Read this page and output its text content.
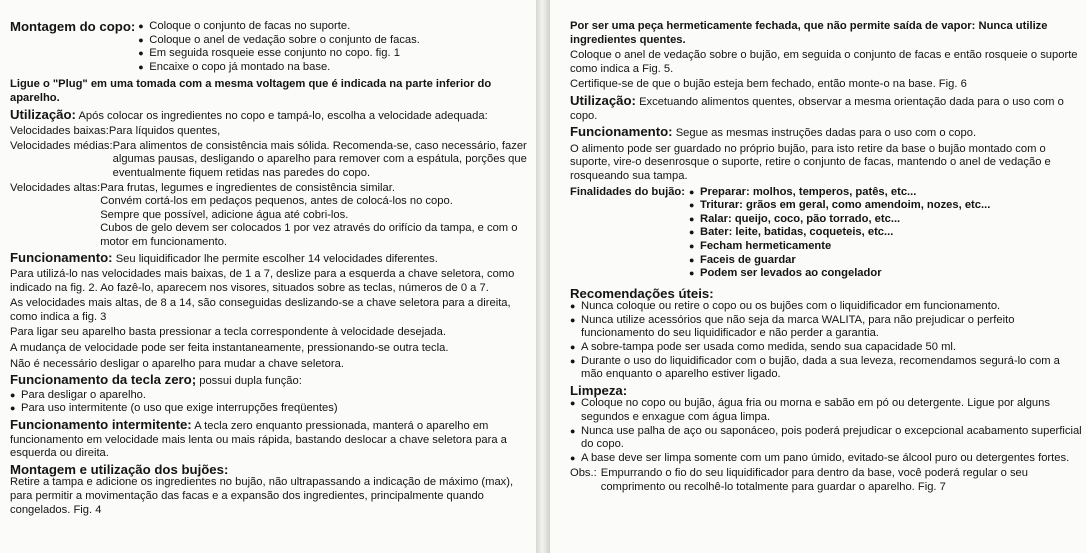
Montagem do copo: ● Coloque o conjunto de facas no suporte.
● Coloque o anel de vedação sobre o conjunto de facas.
● Em seguida rosqueie esse conjunto no copo. fig. 1
● Encaixe o copo já montado na base.

Ligue o "Plug" em uma tomada com a mesma voltagem que é indicada na parte inferior do aparelho.

Utilização: Após colocar os ingredientes no copo e tampá-lo, escolha a velocidade adequada:

Velocidades baixas: Para líquidos quentes,
Velocidades médias: Para alimentos de consistência mais sólida. Recomenda-se, caso necessário, fazer algumas pausas, desligando o aparelho para remover com a espátula, porções que eventualmente fiquem retidas nas paredes do copo.
Velocidades altas: Para frutas, legumes e ingredientes de consistência similar.
Convém cortá-los em pedaços pequenos, antes de colocá-los no copo.
Sempre que possível, adicione água até cobri-los.
Cubos de gelo devem ser colocados 1 por vez através do orifício da tampa, e com o motor em funcionamento.

Funcionamento: Seu liquidificador lhe permite escolher 14 velocidades diferentes.

Para utilizá-lo nas velocidades mais baixas, de 1 a 7, deslize para a esquerda a chave seletora, como indicado na fig. 2. Ao fazê-lo, aparecem nos visores, situados sobre as teclas, números de 0 a 7.

As velocidades mais altas, de 8 a 14, são conseguidas deslizando-se a chave seletora para a direita, como indica a fig. 3

Para ligar seu aparelho basta pressionar a tecla correspondente à velocidade desejada.

A mudança de velocidade pode ser feita instantaneamente, pressionando-se outra tecla.

Não é necessário desligar o aparelho para mudar a chave seletora.

Funcionamento da tecla zero; possui dupla função:

● Para desligar o aparelho.
● Para uso intermitente (o uso que exige interrupções freqüentes)

Funcionamento intermitente: A tecla zero enquanto pressionada, manterá o aparelho em funcionamento em velocidade mais lenta ou mais rápida, bastando deslocar a chave seletora para a esquerda ou direita.

Montagem e utilização dos bujões:

Retire a tampa e adicione os ingredientes no bujão, não ultrapassando a indicação de máximo (max), para permitir a movimentação das facas e a expansão dos ingredientes, principalmente quando congelados. Fig. 4

Por ser uma peça hermeticamente fechada, que não permite saída de vapor: Nunca utilize ingredientes quentes.

Coloque o anel de vedação sobre o bujão, em seguida o conjunto de facas e então rosqueie o suporte como indica a Fig. 5.

Certifique-se de que o bujão esteja bem fechado, então monte-o na base. Fig. 6

Utilização: Excetuando alimentos quentes, observar a mesma orientação dada para o uso com o copo.

Funcionamento: Segue as mesmas instruções dadas para o uso com o copo.

O alimento pode ser guardado no próprio bujão, para isto retire da base o bujão montado com o suporte, vire-o desenrosque o suporte, retire o conjunto de facas, mantendo o anel de vedação e rosqueando sua tampa.

Finalidades do bujão: ● Preparar: molhos, temperos, patês, etc...
● Triturar: grãos em geral, como amendoim, nozes, etc...
● Ralar: queijo, coco, pão torrado, etc...
● Bater: leite, batidas, coqueteis, etc...
● Fecham hermeticamente
● Faceis de guardar
● Podem ser levados ao congelador
Recomendações úteis:
● Nunca coloque ou retire o copo ou os bujões com o liquidificador em funcionamento.
● Nunca utilize acessórios que não seja da marca WALITA, para não prejudicar o perfeito funcionamento do seu liquidificador e não perder a garantia.
● A sobre-tampa pode ser usada como medida, sendo sua capacidade 50 ml.
● Durante o uso do liquidificador com o bujão, dada a sua leveza, recomendamos segurá-lo com a mão enquanto o aparelho estiver ligado.
Limpeza:
● Coloque no copo ou bujão, água fria ou morna e sabão em pó ou detergente. Ligue por alguns segundos e enxague com água limpa.
● Nunca use palha de aço ou saponáceo, pois poderá prejudicar o excepcional acabamento superficial do copo.
● A base deve ser limpa somente com um pano úmido, evitado-se álcool puro ou detergentes fortes.
Obs.: Empurrando o fio do seu liquidificador para dentro da base, você poderá regular o seu comprimento ou recolhê-lo totalmente para guardar o aparelho. Fig. 7
